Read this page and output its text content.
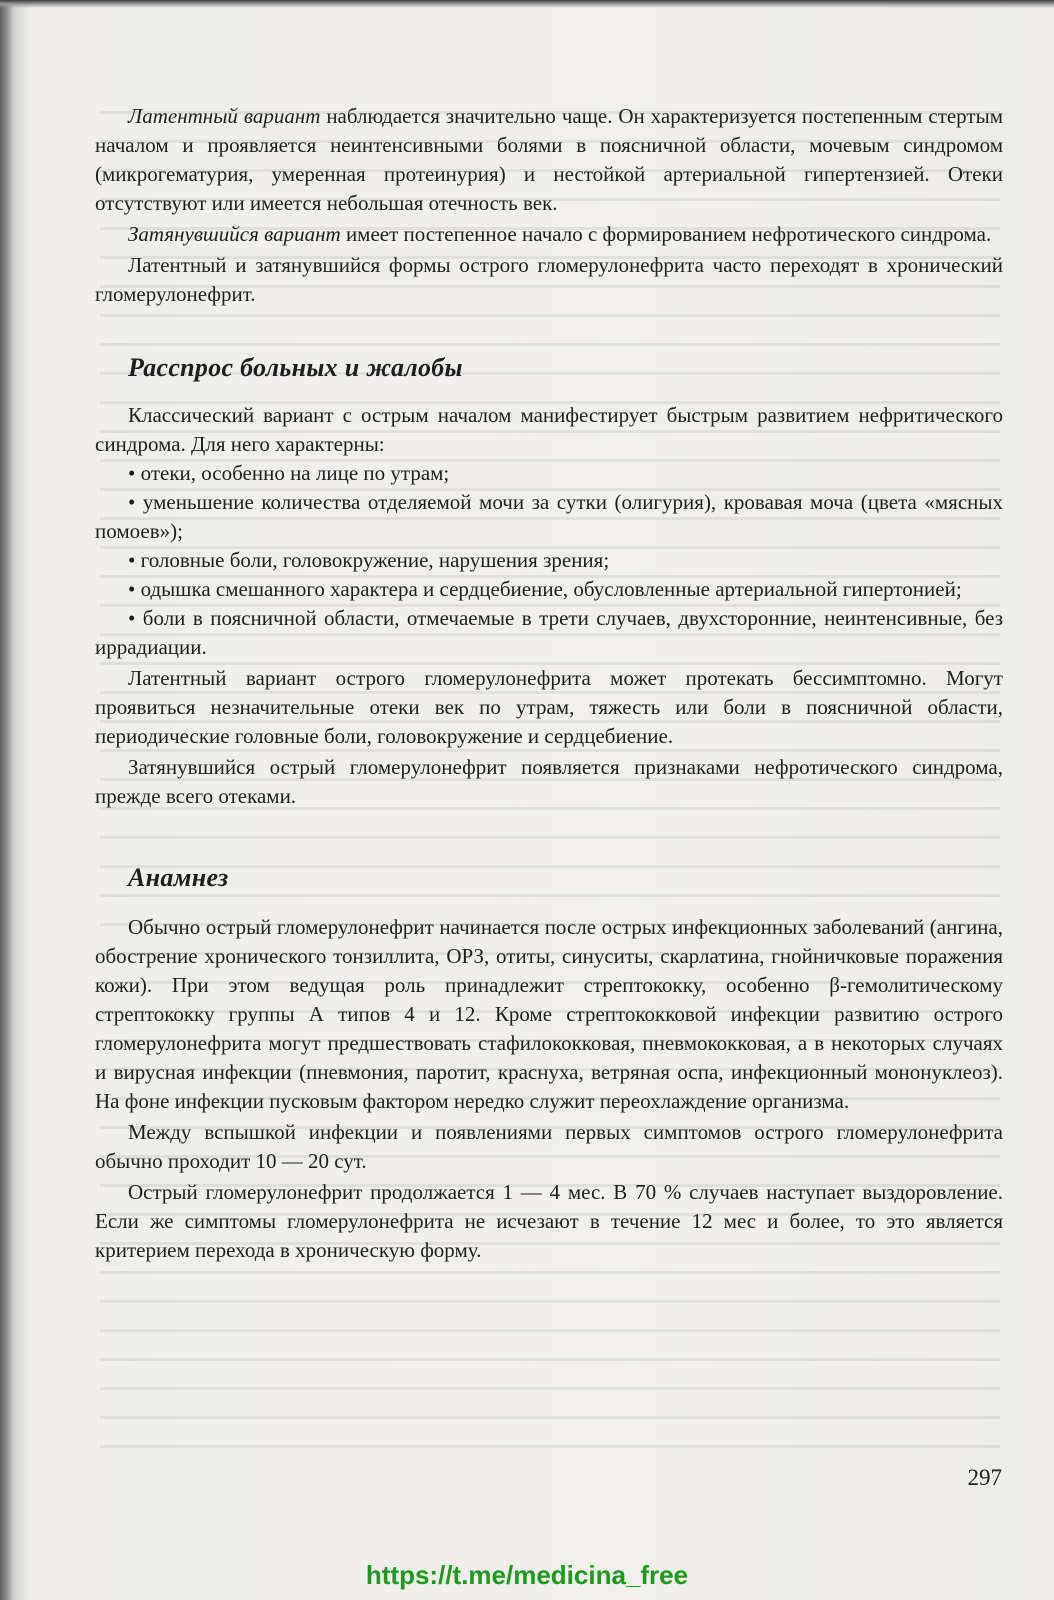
Латентный вариант наблюдается значительно чаще. Он характеризуется постепенным стертым началом и проявляется неинтенсивными болями в поясничной области, мочевым синдромом (микрогематурия, умеренная протеинурия) и нестойкой артериальной гипертензией. Отеки отсутствуют или имеется небольшая отечность век.

Затянувшийся вариант имеет постепенное начало с формированием нефротического синдрома.

Латентный и затянувшийся формы острого гломерулонефрита часто переходят в хронический гломерулонефрит.

Расспрос больных и жалобы

Классический вариант с острым началом манифестирует быстрым развитием нефритического синдрома. Для него характерны:

• отеки, особенно на лице по утрам;

• уменьшение количества отделяемой мочи за сутки (олигурия), кровавая моча (цвета «мясных помоев»);

• головные боли, головокружение, нарушения зрения;

• одышка смешанного характера и сердцебиение, обусловленные артериальной гипертонией;

• боли в поясничной области, отмечаемые в трети случаев, двухсторонние, неинтенсивные, без иррадиации.

Латентный вариант острого гломерулонефрита может протекать бессимптомно. Могут проявиться незначительные отеки век по утрам, тяжесть или боли в поясничной области, периодические головные боли, головокружение и сердцебиение.

Затянувшийся острый гломерулонефрит появляется признаками нефротического синдрома, прежде всего отеками.

Анамнез

Обычно острый гломерулонефрит начинается после острых инфекционных заболеваний (ангина, обострение хронического тонзиллита, ОРЗ, отиты, синуситы, скарлатина, гнойничковые поражения кожи). При этом ведущая роль принадлежит стрептококку, особенно β-гемолитическому стрептококку группы А типов 4 и 12. Кроме стрептококковой инфекции развитию острого гломерулонефрита могут предшествовать стафилококковая, пневмококковая, а в некоторых случаях и вирусная инфекции (пневмония, паротит, краснуха, ветряная оспа, инфекционный мононуклеоз). На фоне инфекции пусковым фактором нередко служит переохлаждение организма.

Между вспышкой инфекции и появлениями первых симптомов острого гломерулонефрита обычно проходит 10 — 20 сут.

Острый гломерулонефрит продолжается 1 — 4 мес. В 70 % случаев наступает выздоровление. Если же симптомы гломерулонефрита не исчезают в течение 12 мес и более, то это является критерием перехода в хроническую форму.

297
https://t.me/medicina_free
